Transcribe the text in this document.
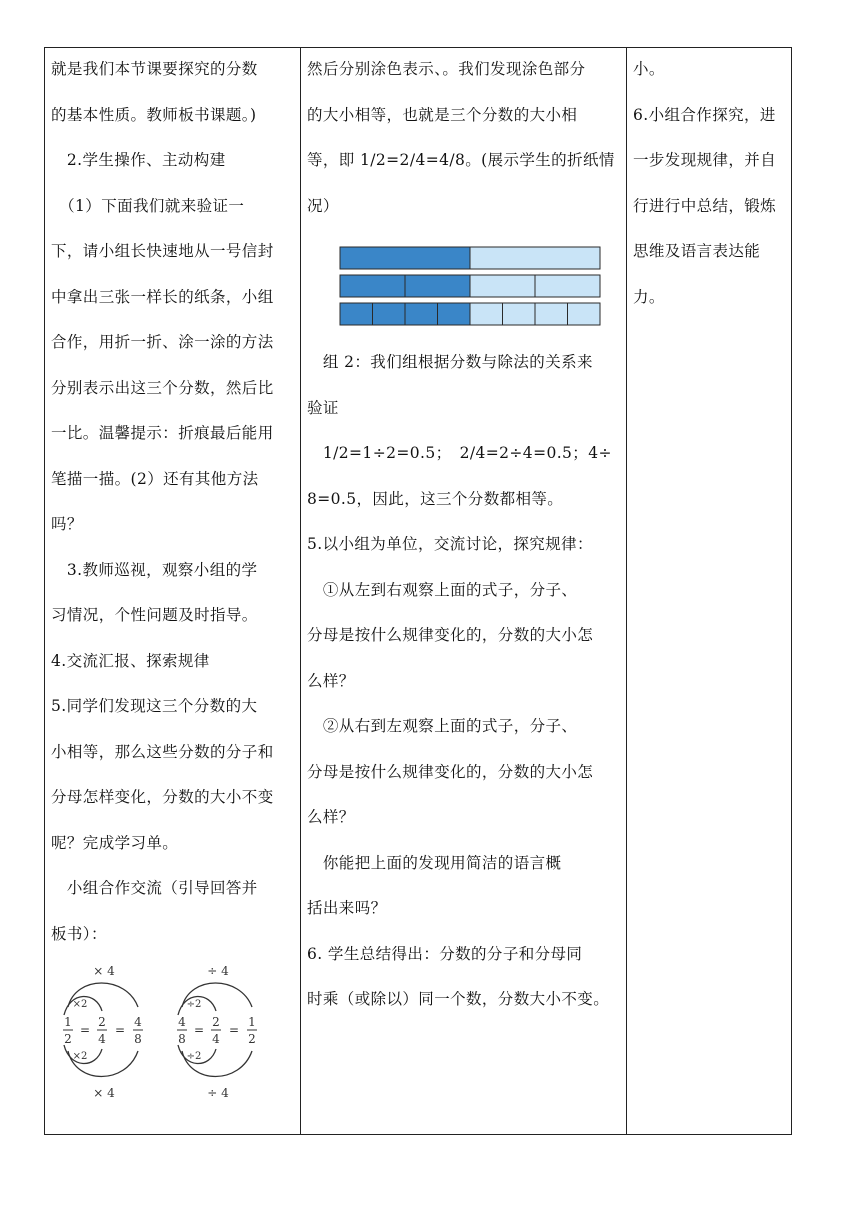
就是我们本节课要探究的分数
的基本性质。教师板书课题。)
　2.学生操作、主动构建
　（1）下面我们就来验证一
下，请小组长快速地从一号信封
中拿出三张一样长的纸条，小组
合作，用折一折、涂一涂的方法
分别表示出这三个分数，然后比
一比。温馨提示：折痕最后能用
笔描一描。(2）还有其他方法
吗？
　3.教师巡视，观察小组的学
习情况，个性问题及时指导。
4.交流汇报、探索规律
5.同学们发现这三个分数的大
小相等，那么这些分数的分子和
分母怎样变化，分数的大小不变
呢？完成学习单。
　小组合作交流（引导回答并
板书）：

然后分别涂色表示、。我们发现涂色部分
的大小相等，也就是三个分数的大小相
等，即 1/2=2/4=4/8。(展示学生的折纸情
况）
　组 2：我们组根据分数与除法的关系来
验证
　1/2=1÷2=0.5；　2/4=2÷4=0.5；4÷
8=0.5，因此，这三个分数都相等。
5.以小组为单位，交流讨论，探究规律：
　①从左到右观察上面的式子，分子、
分母是按什么规律变化的，分数的大小怎
么样？
　②从右到左观察上面的式子，分子、
分母是按什么规律变化的，分数的大小怎
么样？
　你能把上面的发现用简洁的语言概
括出来吗？
6. 学生总结得出：分数的分子和分母同
时乘（或除以）同一个数，分数大小不变。

小。
6.小组合作探究，进
一步发现规律，并自
行进行中总结，锻炼
思维及语言表达能
力。
× 4
× 4
×2
×2
1
2
2
4
4
8
= =
÷ 4
÷ 4
÷2
÷2
4
8
2
4
1
2
= =
